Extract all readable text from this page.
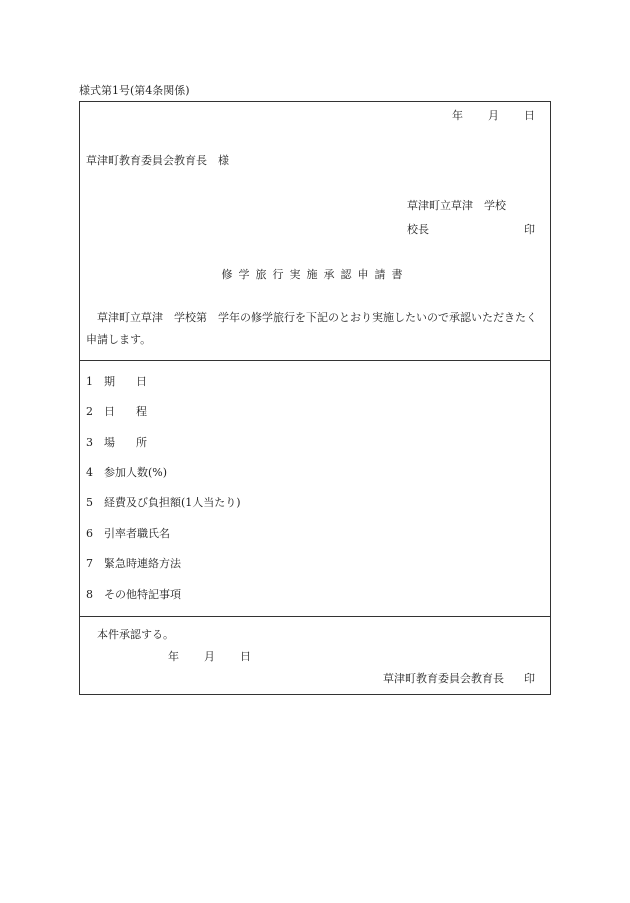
様式第1号(第4条関係)
年 月 日
草津町教育委員会教育長　様
草津町立草津　学校
校長	印
修学旅行実施承認申請書
草津町立草津　学校第　学年の修学旅行を下記のとおり実施したいので承認いただきたく申請します。
1 期日
2 日程
3 場所
4 参加人数(%)
5 経費及び負担額(1人当たり)
6 引率者職氏名
7 緊急時連絡方法
8 その他特記事項
本件承認する。
年 月 日
草津町教育委員会教育長 印
